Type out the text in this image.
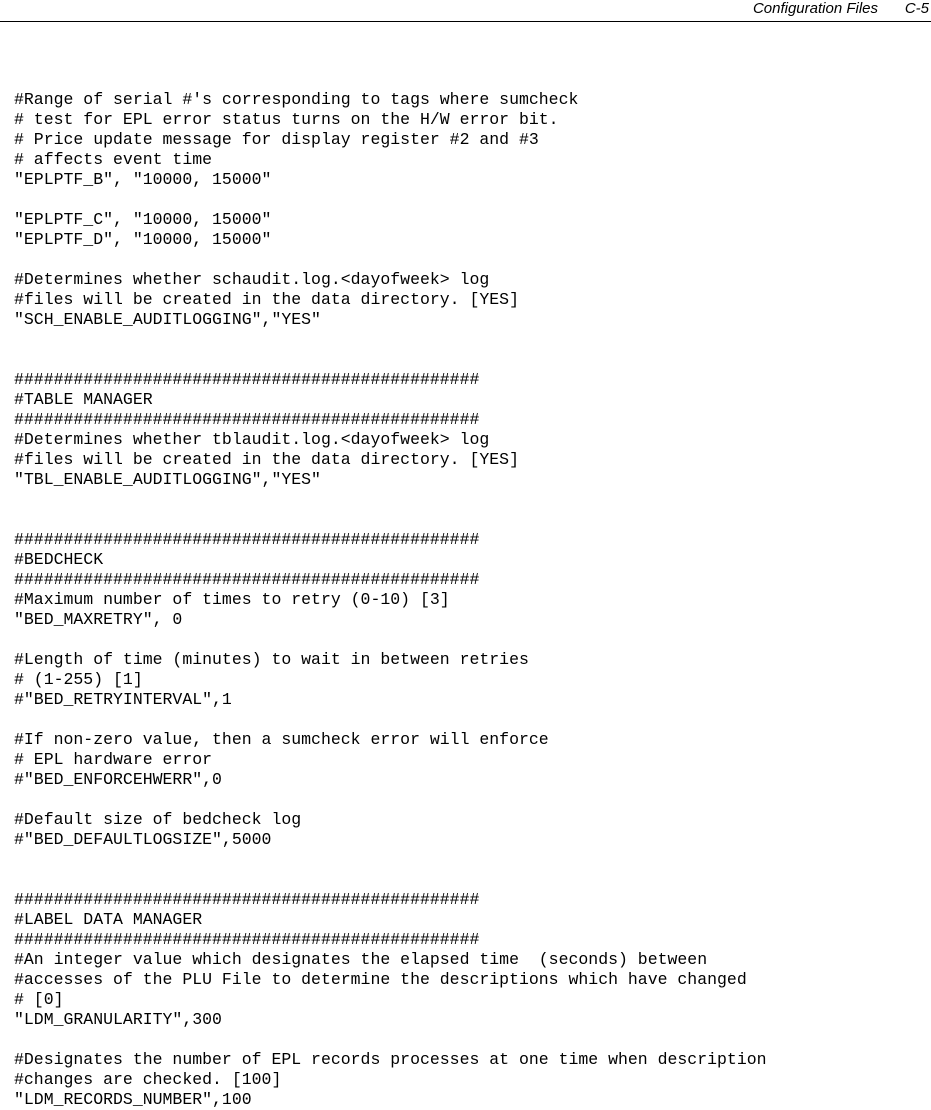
Configuration Files C-5
#Range of serial #'s corresponding to tags where sumcheck
# test for EPL error status turns on the H/W error bit.
# Price update message for display register #2 and #3
# affects event time
"EPLPTF_B", "10000, 15000"
"EPLPTF_C", "10000, 15000"
"EPLPTF_D", "10000, 15000"
#Determines whether schaudit.log.<dayofweek> log
#files will be created in the data directory. [YES]
"SCH_ENABLE_AUDITLOGGING","YES"
###############################################
#TABLE MANAGER
###############################################
#Determines whether tblaudit.log.<dayofweek> log
#files will be created in the data directory. [YES]
"TBL_ENABLE_AUDITLOGGING","YES"
###############################################
#BEDCHECK
###############################################
#Maximum number of times to retry (0-10) [3]
"BED_MAXRETRY", 0
#Length of time (minutes) to wait in between retries
# (1-255) [1]
#"BED_RETRYINTERVAL",1
#If non-zero value, then a sumcheck error will enforce
# EPL hardware error
#"BED_ENFORCEHWERR",0
#Default size of bedcheck log
#"BED_DEFAULTLOGSIZE",5000
###############################################
#LABEL DATA MANAGER
###############################################
#An integer value which designates the elapsed time  (seconds) between
#accesses of the PLU File to determine the descriptions which have changed
# [0]
"LDM_GRANULARITY",300
#Designates the number of EPL records processes at one time when description
#changes are checked. [100]
"LDM_RECORDS_NUMBER",100
